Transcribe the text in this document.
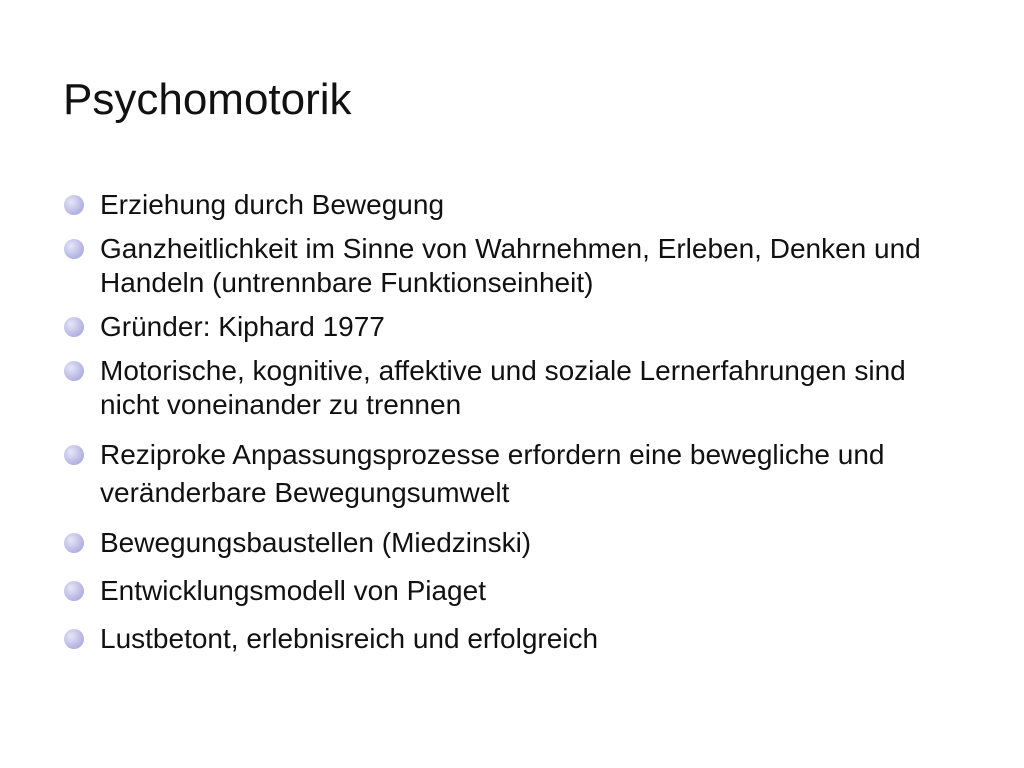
Psychomotorik
Erziehung durch Bewegung
Ganzheitlichkeit im Sinne von Wahrnehmen, Erleben, Denken und Handeln (untrennbare Funktionseinheit)
Gründer: Kiphard 1977
Motorische, kognitive, affektive und soziale Lernerfahrungen sind nicht voneinander zu trennen
Reziproke Anpassungsprozesse erfordern eine bewegliche und veränderbare Bewegungsumwelt
Bewegungsbaustellen (Miedzinski)
Entwicklungsmodell von Piaget
Lustbetont, erlebnisreich und erfolgreich
